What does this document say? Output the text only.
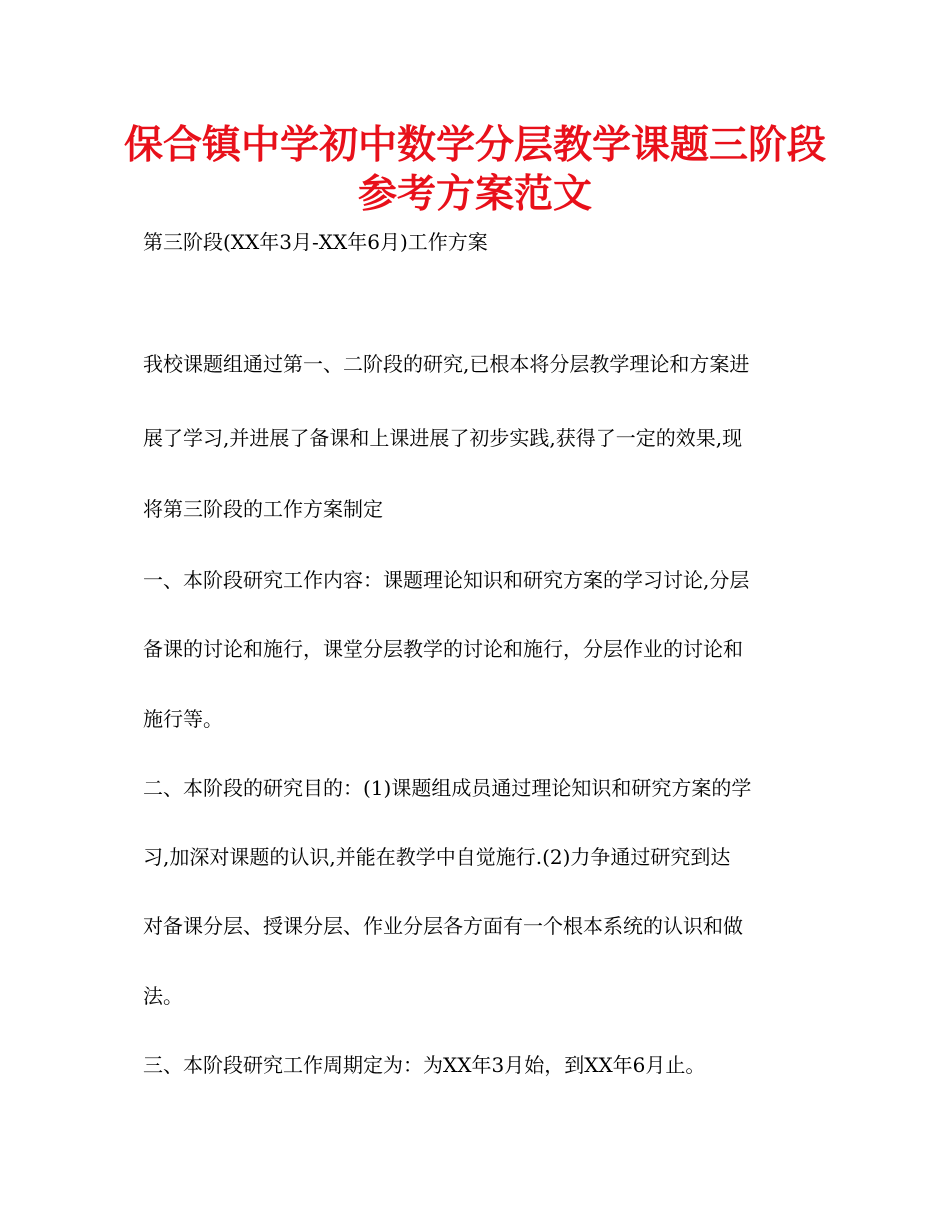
保合镇中学初中数学分层教学课题三阶段
参考方案范文
第三阶段(XX年3月-XX年6月)工作方案
我校课题组通过第一、二阶段的研究,已根本将分层教学理论和方案进
展了学习,并进展了备课和上课进展了初步实践,获得了一定的效果,现
将第三阶段的工作方案制定
一、本阶段研究工作内容：课题理论知识和研究方案的学习讨论,分层
备课的讨论和施行，课堂分层教学的讨论和施行，分层作业的讨论和
施行等。
二、本阶段的研究目的：(1)课题组成员通过理论知识和研究方案的学
习,加深对课题的认识,并能在教学中自觉施行.(2)力争通过研究到达
对备课分层、授课分层、作业分层各方面有一个根本系统的认识和做
法。
三、本阶段研究工作周期定为：为XX年3月始，到XX年6月止。
